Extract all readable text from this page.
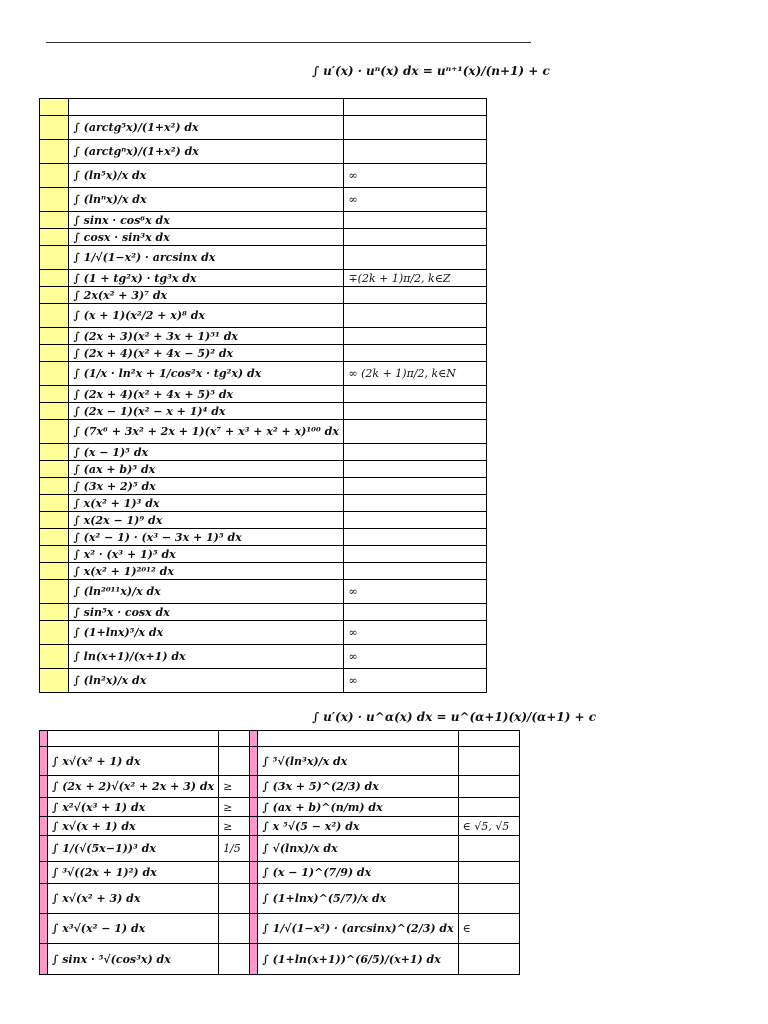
∫ u′(x) · uⁿ(x) dx = uⁿ⁺¹(x)/(n+1) + c

	∫ (arctg⁵x)/(1+x²) dx	
	∫ (arctgⁿx)/(1+x²) dx	
	∫ (ln⁵x)/x dx	∞
	∫ (lnⁿx)/x dx	∞
	∫ sinx · cos⁶x dx	
	∫ cosx · sin³x dx	
	∫ 1/√(1−x²) · arcsinx dx	
	∫ (1 + tg²x) · tg³x dx	∓(2k + 1)π/2, k∈Z
	∫ 2x(x² + 3)⁷ dx	
	∫ (x + 1)(x²/2 + x)⁸ dx	
	∫ (2x + 3)(x² + 3x + 1)⁵¹ dx	
	∫ (2x + 4)(x² + 4x − 5)² dx	
	∫ (1/x · ln²x + 1/cos²x · tg²x) dx	∞ (2k + 1)π/2, k∈N
	∫ (2x + 4)(x² + 4x + 5)⁵ dx	
	∫ (2x − 1)(x² − x + 1)⁴ dx	
	∫ (7x⁶ + 3x² + 2x + 1)(x⁷ + x³ + x² + x)¹⁰⁰ dx	
	∫ (x − 1)⁵ dx	
	∫ (ax + b)⁵ dx	
	∫ (3x + 2)⁵ dx	
	∫ x(x² + 1)³ dx	
	∫ x(2x − 1)⁹ dx	
	∫ (x² − 1) · (x³ − 3x + 1)⁵ dx	
	∫ x² · (x³ + 1)⁵ dx	
	∫ x(x² + 1)²⁰¹² dx	
	∫ (ln²⁰¹¹x)/x dx	∞
	∫ sin⁵x · cosx dx	
	∫ (1+lnx)⁵/x dx	∞
	∫ ln(x+1)/(x+1) dx	∞
	∫ (ln²x)/x dx	∞
∫ u′(x) · u^α(x) dx = u^(α+1)(x)/(α+1) + c

	∫ x√(x² + 1) dx			∫ ⁵√(ln³x)/x dx	
	∫ (2x + 2)√(x² + 2x + 3) dx	≥		∫ (3x + 5)^(2/3) dx	
	∫ x²√(x³ + 1) dx	≥		∫ (ax + b)^(n/m) dx	
	∫ x√(x + 1) dx	≥		∫ x ⁵√(5 − x²) dx	∈ √5, √5
	∫ 1/(√(5x−1))³ dx	1/5		∫ √(lnx)/x dx	
	∫ ³√((2x + 1)²) dx			∫ (x − 1)^(7/9) dx	
	∫ x√(x² + 3) dx			∫ (1+lnx)^(5/7)/x dx	
	∫ x³√(x² − 1) dx			∫ 1/√(1−x²) · (arcsinx)^(2/3) dx	∈
	∫ sinx · ⁵√(cos³x) dx			∫ (1+ln(x+1))^(6/5)/(x+1) dx	
